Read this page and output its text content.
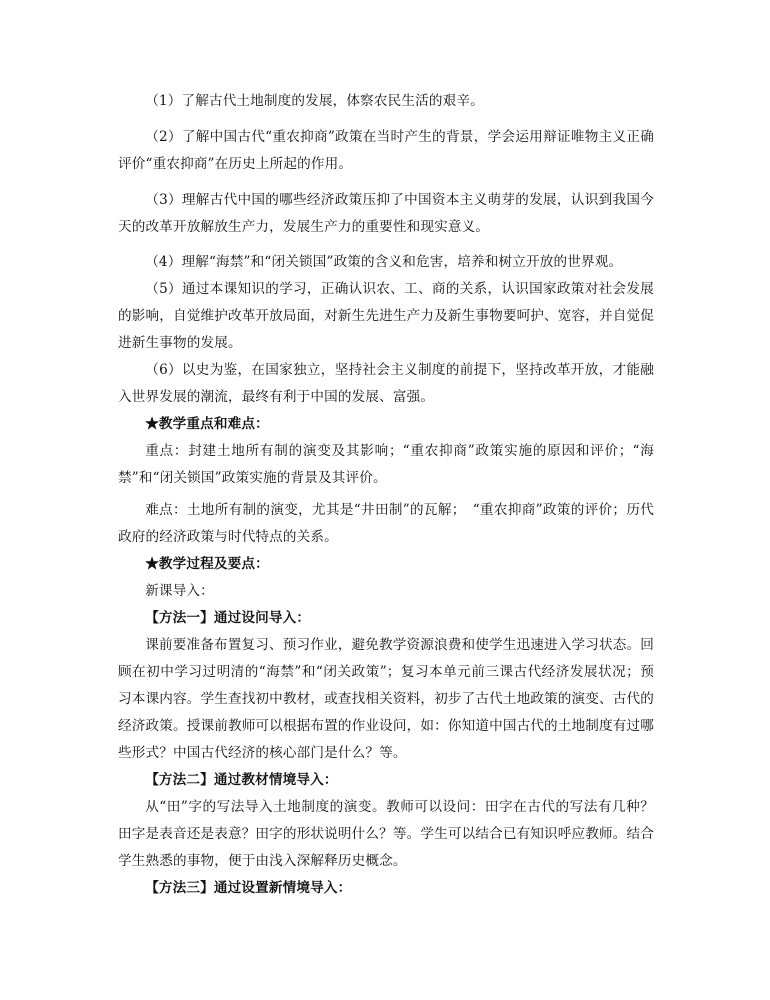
（1）了解古代土地制度的发展，体察农民生活的艰辛。

（2）了解中国古代“重农抑商”政策在当时产生的背景，学会运用辩证唯物主义正确评价“重农抑商”在历史上所起的作用。

（3）理解古代中国的哪些经济政策压抑了中国资本主义萌芽的发展，认识到我国今天的改革开放解放生产力，发展生产力的重要性和现实意义。

（4）理解“海禁”和“闭关锁国”政策的含义和危害，培养和树立开放的世界观。

（5）通过本课知识的学习，正确认识农、工、商的关系，认识国家政策对社会发展的影响，自觉维护改革开放局面，对新生先进生产力及新生事物要呵护、宽容，并自觉促进新生事物的发展。

（6）以史为鉴，在国家独立，坚持社会主义制度的前提下，坚持改革开放，才能融入世界发展的潮流，最终有利于中国的发展、富强。

★教学重点和难点：

重点：封建土地所有制的演变及其影响；“重农抑商”政策实施的原因和评价；“海禁”和“闭关锁国”政策实施的背景及其评价。

难点：土地所有制的演变，尤其是“井田制”的瓦解；　“重农抑商”政策的评价；历代政府的经济政策与时代特点的关系。

★教学过程及要点：

新课导入：

【方法一】通过设问导入：

课前要准备布置复习、预习作业，避免教学资源浪费和使学生迅速进入学习状态。回顾在初中学习过明清的“海禁”和“闭关政策”；复习本单元前三课古代经济发展状况；预习本课内容。学生查找初中教材，或查找相关资料，初步了古代土地政策的演变、古代的经济政策。授课前教师可以根据布置的作业设问，如：你知道中国古代的土地制度有过哪些形式？中国古代经济的核心部门是什么？等。

【方法二】通过教材情境导入：

从“田”字的写法导入土地制度的演变。教师可以设问：田字在古代的写法有几种？田字是表音还是表意？田字的形状说明什么？等。学生可以结合已有知识呼应教师。结合学生熟悉的事物，便于由浅入深解释历史概念。

【方法三】通过设置新情境导入：
